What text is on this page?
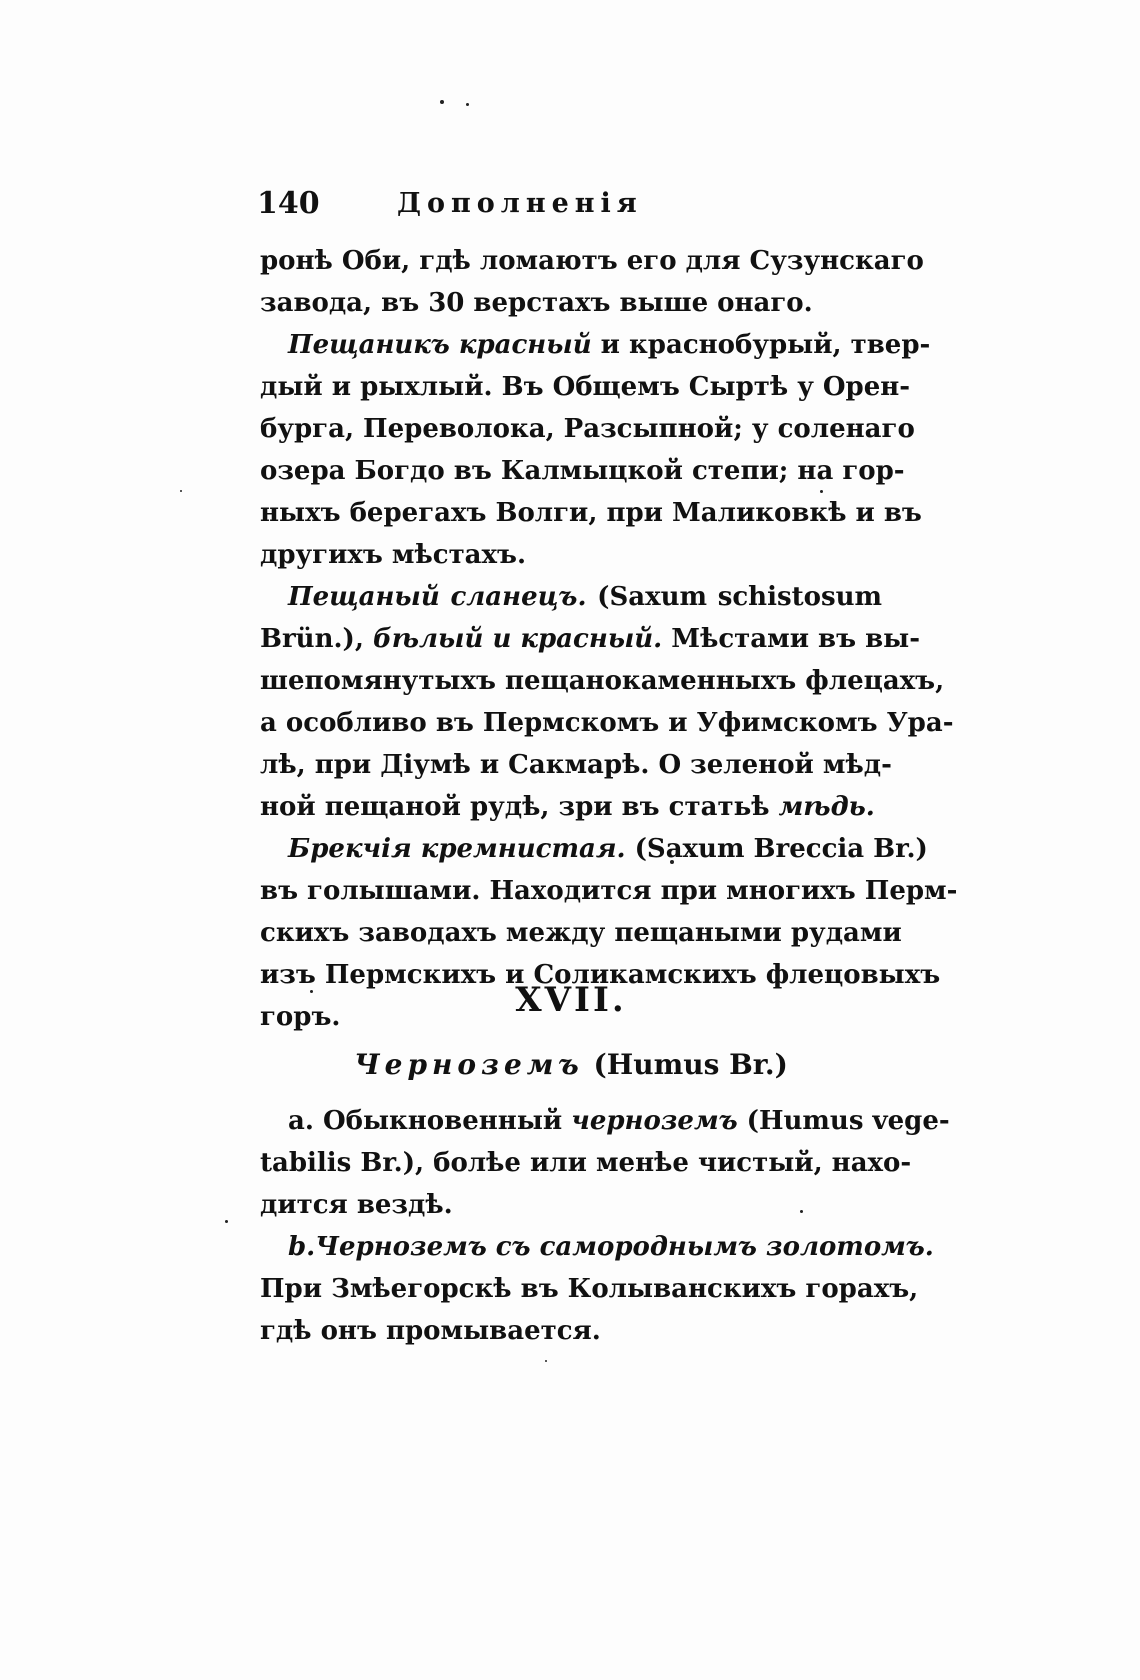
140	Дополненія
ронѣ Оби, гдѣ ломаютъ его для Сузунскаго
завода, въ 30 верстахъ выше онаго.
Пещаникъ красный и краснобурый, твер-
дый и рыхлый. Въ Общемъ Сыртѣ у Орен-
бурга, Переволока, Разсыпной; у соленаго
озера Богдо въ Калмыцкой степи; на гор-
ныхъ берегахъ Волги, при Маликовкѣ и въ
другихъ мѣстахъ.
Пещаный сланецъ. (Saxum schistosum
Brün.), бѣлый и красный. Мѣстами въ вы-
шепомянутыхъ пещанокаменныхъ флецахъ,
а особливо въ Пермскомъ и Уфимскомъ Ура-
лѣ, при Діумѣ и Сакмарѣ. О зеленой мѣд-
ной пещаной рудѣ, зри въ статьѣ мѣдь.
Брекчія кремнистая. (Saxum Breccia Br.)
въ голышами. Находится при многихъ Перм-
скихъ заводахъ между пещаными рудами
изъ Пермскихъ и Соликамскихъ флецовыхъ
горъ.	XVII.
Черноземъ (Humus Br.)
a. Обыкновенный черноземъ (Humus vege-
tabilis Br.), болѣе или менѣе чистый, нахо-
дится вездѣ.
b.Черноземъ съ самороднымъ золотомъ.
При Змѣегорскѣ въ Колыванскихъ горахъ,
гдѣ онъ промывается.
